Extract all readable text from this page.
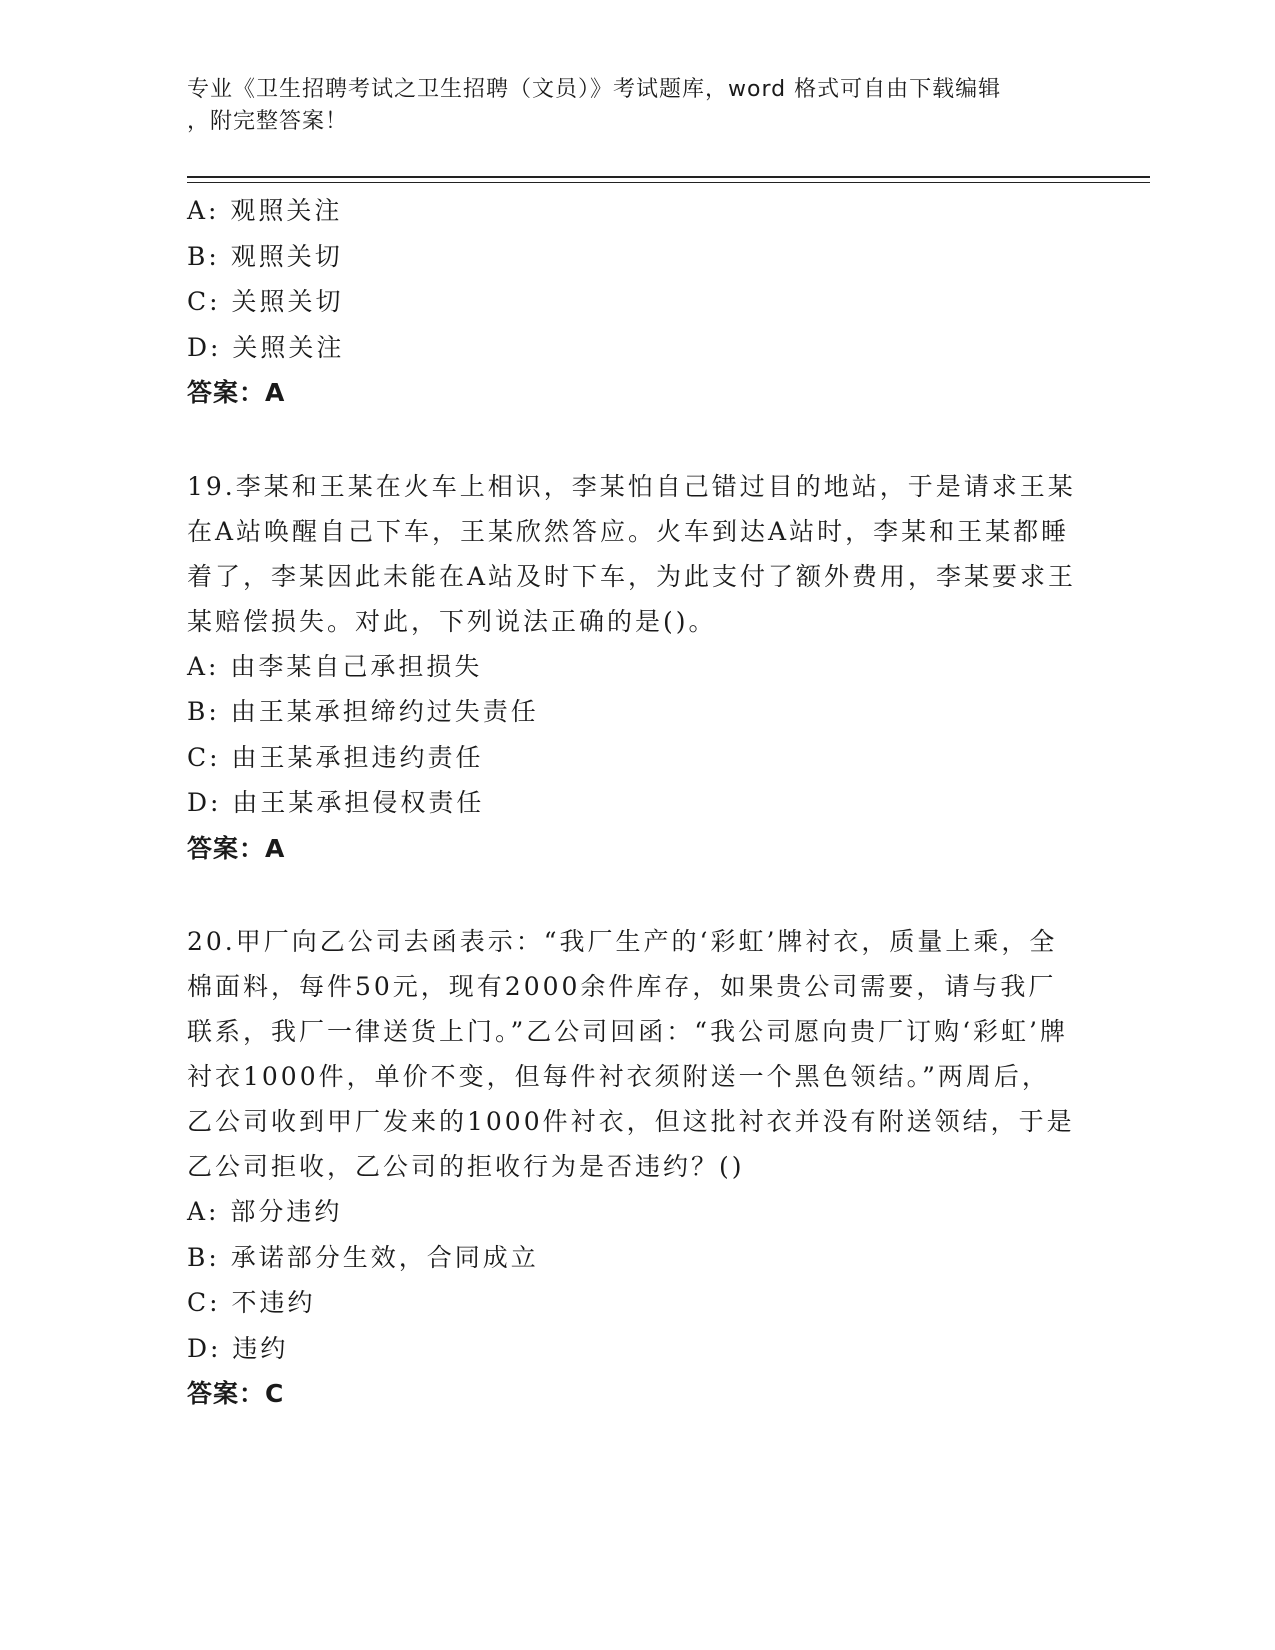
专业《卫生招聘考试之卫生招聘（文员）》考试题库，word 格式可自由下载编辑
，附完整答案！
A: 观照关注
B: 观照关切
C: 关照关切
D: 关照关注
答案：A
19.李某和王某在火车上相识，李某怕自己错过目的地站，于是请求王某在A站唤醒自己下车，王某欣然答应。火车到达A站时，李某和王某都睡着了，李某因此未能在A站及时下车，为此支付了额外费用，李某要求王某赔偿损失。对此，下列说法正确的是()。
A: 由李某自己承担损失
B: 由王某承担缔约过失责任
C: 由王某承担违约责任
D: 由王某承担侵权责任
答案：A
20.甲厂向乙公司去函表示：“我厂生产的‘彩虹’牌衬衣，质量上乘，全棉面料，每件50元，现有2000余件库存，如果贵公司需要，请与我厂联系，我厂一律送货上门。”乙公司回函：“我公司愿向贵厂订购‘彩虹’牌衬衣1000件，单价不变，但每件衬衣须附送一个黑色领结。”两周后，乙公司收到甲厂发来的1000件衬衣，但这批衬衣并没有附送领结，于是乙公司拒收，乙公司的拒收行为是否违约？()
A: 部分违约
B: 承诺部分生效，合同成立
C: 不违约
D: 违约
答案：C
